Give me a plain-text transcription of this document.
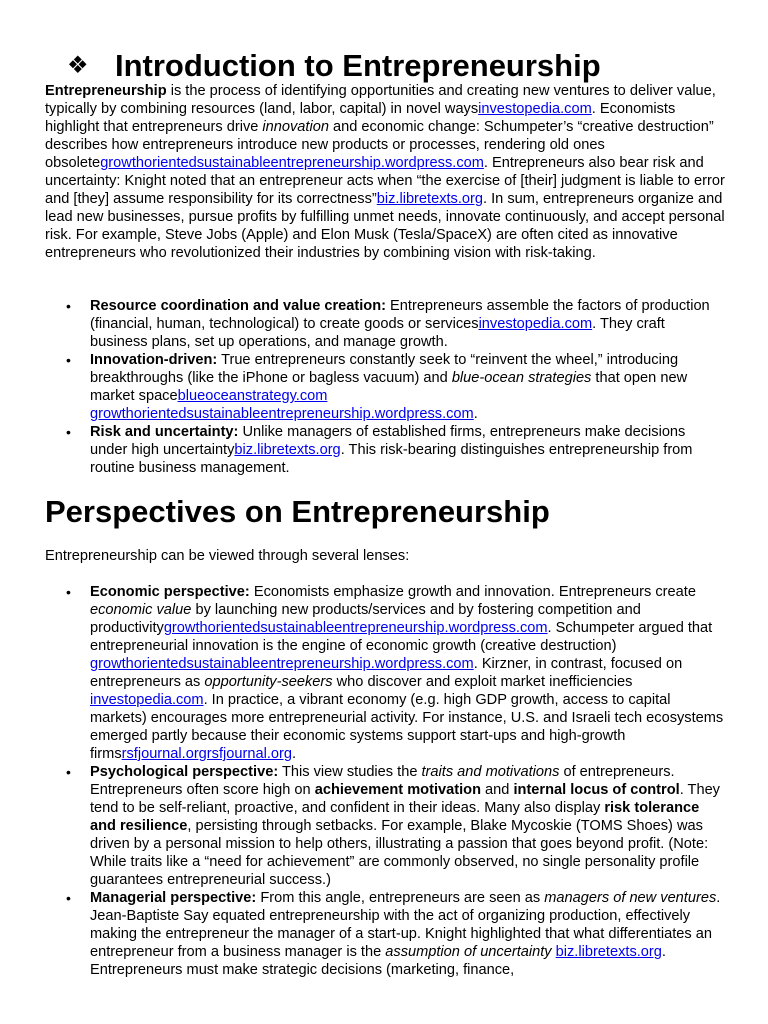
❖ Introduction to Entrepreneurship

Entrepreneurship is the process of identifying opportunities and creating new ventures to deliver value, typically by combining resources (land, labor, capital) in novel waysinvestopedia.com. Economists highlight that entrepreneurs drive innovation and economic change: Schumpeter’s “creative destruction” describes how entrepreneurs introduce new products or processes, rendering old ones obsoletegrowthorientedsustainableentrepreneurship.wordpress.com. Entrepreneurs also bear risk and uncertainty: Knight noted that an entrepreneur acts when “the exercise of [their] judgment is liable to error and [they] assume responsibility for its correctness”biz.libretexts.org. In sum, entrepreneurs organize and lead new businesses, pursue profits by fulfilling unmet needs, innovate continuously, and accept personal risk. For example, Steve Jobs (Apple) and Elon Musk (Tesla/SpaceX) are often cited as innovative entrepreneurs who revolutionized their industries by combining vision with risk-taking.

• Resource coordination and value creation: Entrepreneurs assemble the factors of production (financial, human, technological) to create goods or servicesinvestopedia.com. They craft business plans, set up operations, and manage growth.
• Innovation-driven: True entrepreneurs constantly seek to “reinvent the wheel,” introducing breakthroughs (like the iPhone or bagless vacuum) and blue-ocean strategies that open new market spaceblueoceanstrategy.com
growthorientedsustainableentrepreneurship.wordpress.com.
• Risk and uncertainty: Unlike managers of established firms, entrepreneurs make decisions under high uncertaintybiz.libretexts.org. This risk-bearing distinguishes entrepreneurship from routine business management.
Perspectives on Entrepreneurship

Entrepreneurship can be viewed through several lenses:

• Economic perspective: Economists emphasize growth and innovation. Entrepreneurs create economic value by launching new products/services and by fostering competition and productivitygrowthorientedsustainableentrepreneurship.wordpress.com. Schumpeter argued that entrepreneurial innovation is the engine of economic growth (creative destruction) growthorientedsustainableentrepreneurship.wordpress.com. Kirzner, in contrast, focused on entrepreneurs as opportunity-seekers who discover and exploit market inefficiencies investopedia.com. In practice, a vibrant economy (e.g. high GDP growth, access to capital markets) encourages more entrepreneurial activity. For instance, U.S. and Israeli tech ecosystems emerged partly because their economic systems support start-ups and high-growth firmsrsfjournal.orgrsfjournal.org.
• Psychological perspective: This view studies the traits and motivations of entrepreneurs. Entrepreneurs often score high on achievement motivation and internal locus of control. They tend to be self-reliant, proactive, and confident in their ideas. Many also display risk tolerance and resilience, persisting through setbacks. For example, Blake Mycoskie (TOMS Shoes) was driven by a personal mission to help others, illustrating a passion that goes beyond profit. (Note: While traits like a “need for achievement” are commonly observed, no single personality profile guarantees entrepreneurial success.)
• Managerial perspective: From this angle, entrepreneurs are seen as managers of new ventures. Jean-Baptiste Say equated entrepreneurship with the act of organizing production, effectively making the entrepreneur the manager of a start-up. Knight highlighted that what differentiates an entrepreneur from a business manager is the assumption of uncertainty biz.libretexts.org. Entrepreneurs must make strategic decisions (marketing, finance,
